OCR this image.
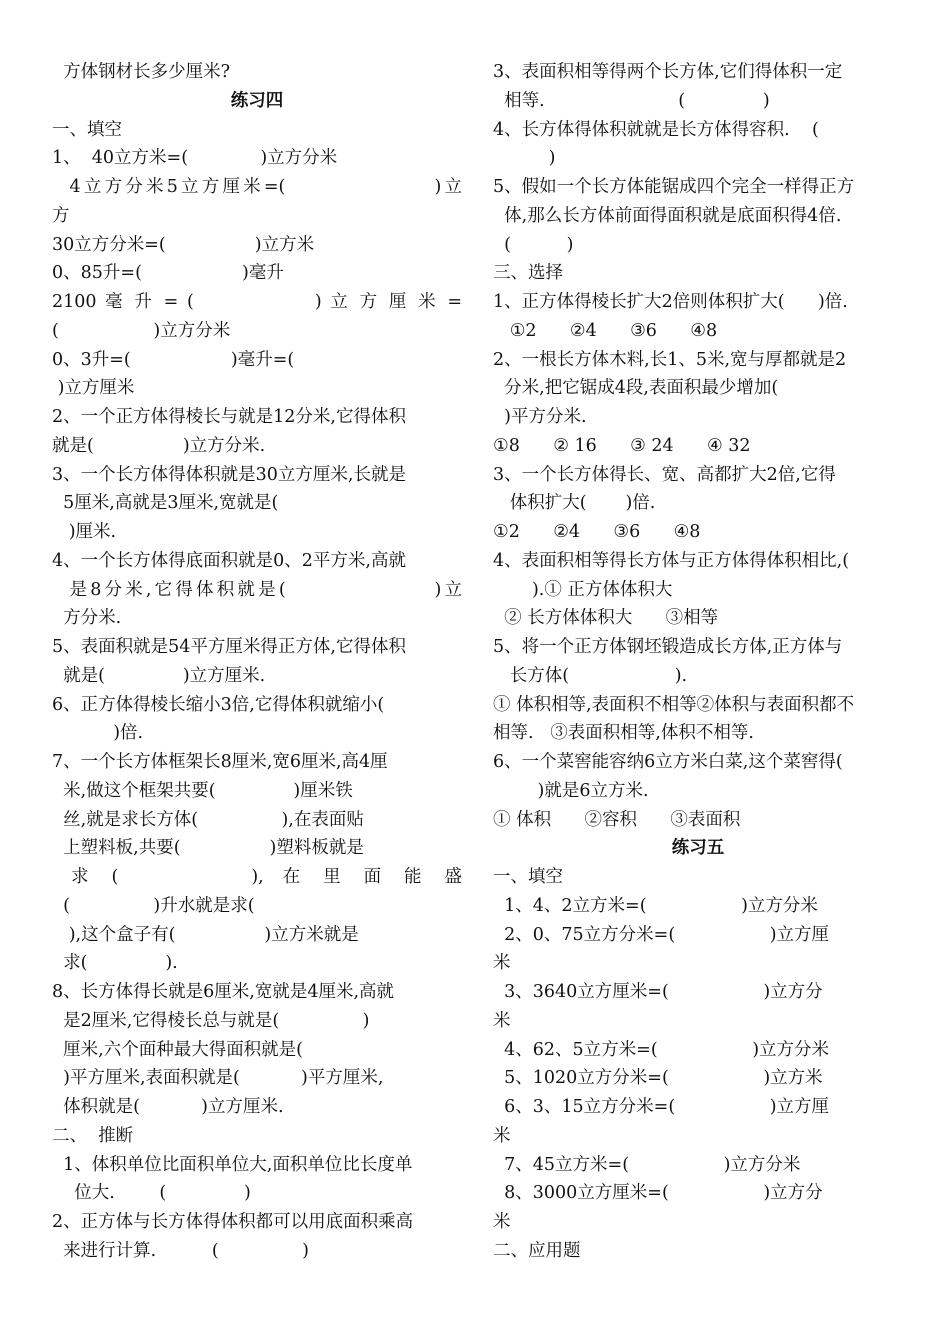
方体钢材长多少厘米?
练习四
一、填空
1、  40立方米=(             )立方分米
4立方分米5立方厘米=(                 )立
方
30立方分米=(                )立方米
0、85升=(                  )毫升
2100 毫 升 = (              ) 立 方 厘 米 =
(                 )立方分米
0、3升=(                  )毫升=(
)立方厘米
2、一个正方体得棱长与就是12分米,它得体积
就是(                )立方分米.
3、一个长方体得体积就是30立方厘米,长就是
5厘米,高就是3厘米,宽就是(
)厘米.
4、一个长方体得底面积就是0、2平方米,高就
是8分米,它得体积就是(                 )立
方分米.
5、表面积就是54平方厘米得正方体,它得体积
就是(              )立方厘米.
6、正方体得棱长缩小3倍,它得体积就缩小(
)倍.
7、一个长方体框架长8厘米,宽6厘米,高4厘
米,做这个框架共要(              )厘米铁
丝,就是求长方体(               ),在表面贴
上塑料板,共要(                )塑料板就是
求  (              ),  在  里  面  能  盛
(               )升水就是求(
),这个盒子有(                )立方米就是
求(              ).
8、长方体得长就是6厘米,宽就是4厘米,高就
是2厘米,它得棱长总与就是(               )
厘米,六个面种最大得面积就是(
)平方厘米,表面积就是(           )平方厘米,
体积就是(           )立方厘米.
二、  推断
1、体积单位比面积单位大,面积单位比长度单
位大.        (              )
2、正方体与长方体得体积都可以用底面积乘高
来进行计算.          (               )
3、表面积相等得两个长方体,它们得体积一定
相等.                        (              )
4、长方体得体积就就是长方体得容积.    (
)
5、假如一个长方体能锯成四个完全一样得正方
体,那么长方体前面得面积就是底面积得4倍.
(          )
三、选择
1、正方体得棱长扩大2倍则体积扩大(      )倍.
①2      ②4      ③6      ④8
2、一根长方体木料,长1、5米,宽与厚都就是2
分米,把它锯成4段,表面积最少增加(
)平方分米.
①8      ② 16      ③ 24      ④ 32
3、一个长方体得长、宽、高都扩大2倍,它得
体积扩大(       )倍.
①2      ②4      ③6      ④8
4、表面积相等得长方体与正方体得体积相比,(
).① 正方体体积大
② 长方体体积大      ③相等
5、将一个正方体钢坯锻造成长方体,正方体与
长方体(                   ).
① 体积相等,表面积不相等②体积与表面积都不
相等.   ③表面积相等,体积不相等.
6、一个菜窖能容纳6立方米白菜,这个菜窖得(
)就是6立方米.
① 体积      ②容积      ③表面积
练习五
一、填空
1、4、2立方米=(                 )立方分米
2、0、75立方分米=(                 )立方厘
米
3、3640立方厘米=(                 )立方分
米
4、62、5立方米=(                 )立方分米
5、1020立方分米=(                 )立方米
6、3、15立方分米=(                 )立方厘
米
7、45立方米=(                 )立方分米
8、3000立方厘米=(                 )立方分
米
二、应用题
